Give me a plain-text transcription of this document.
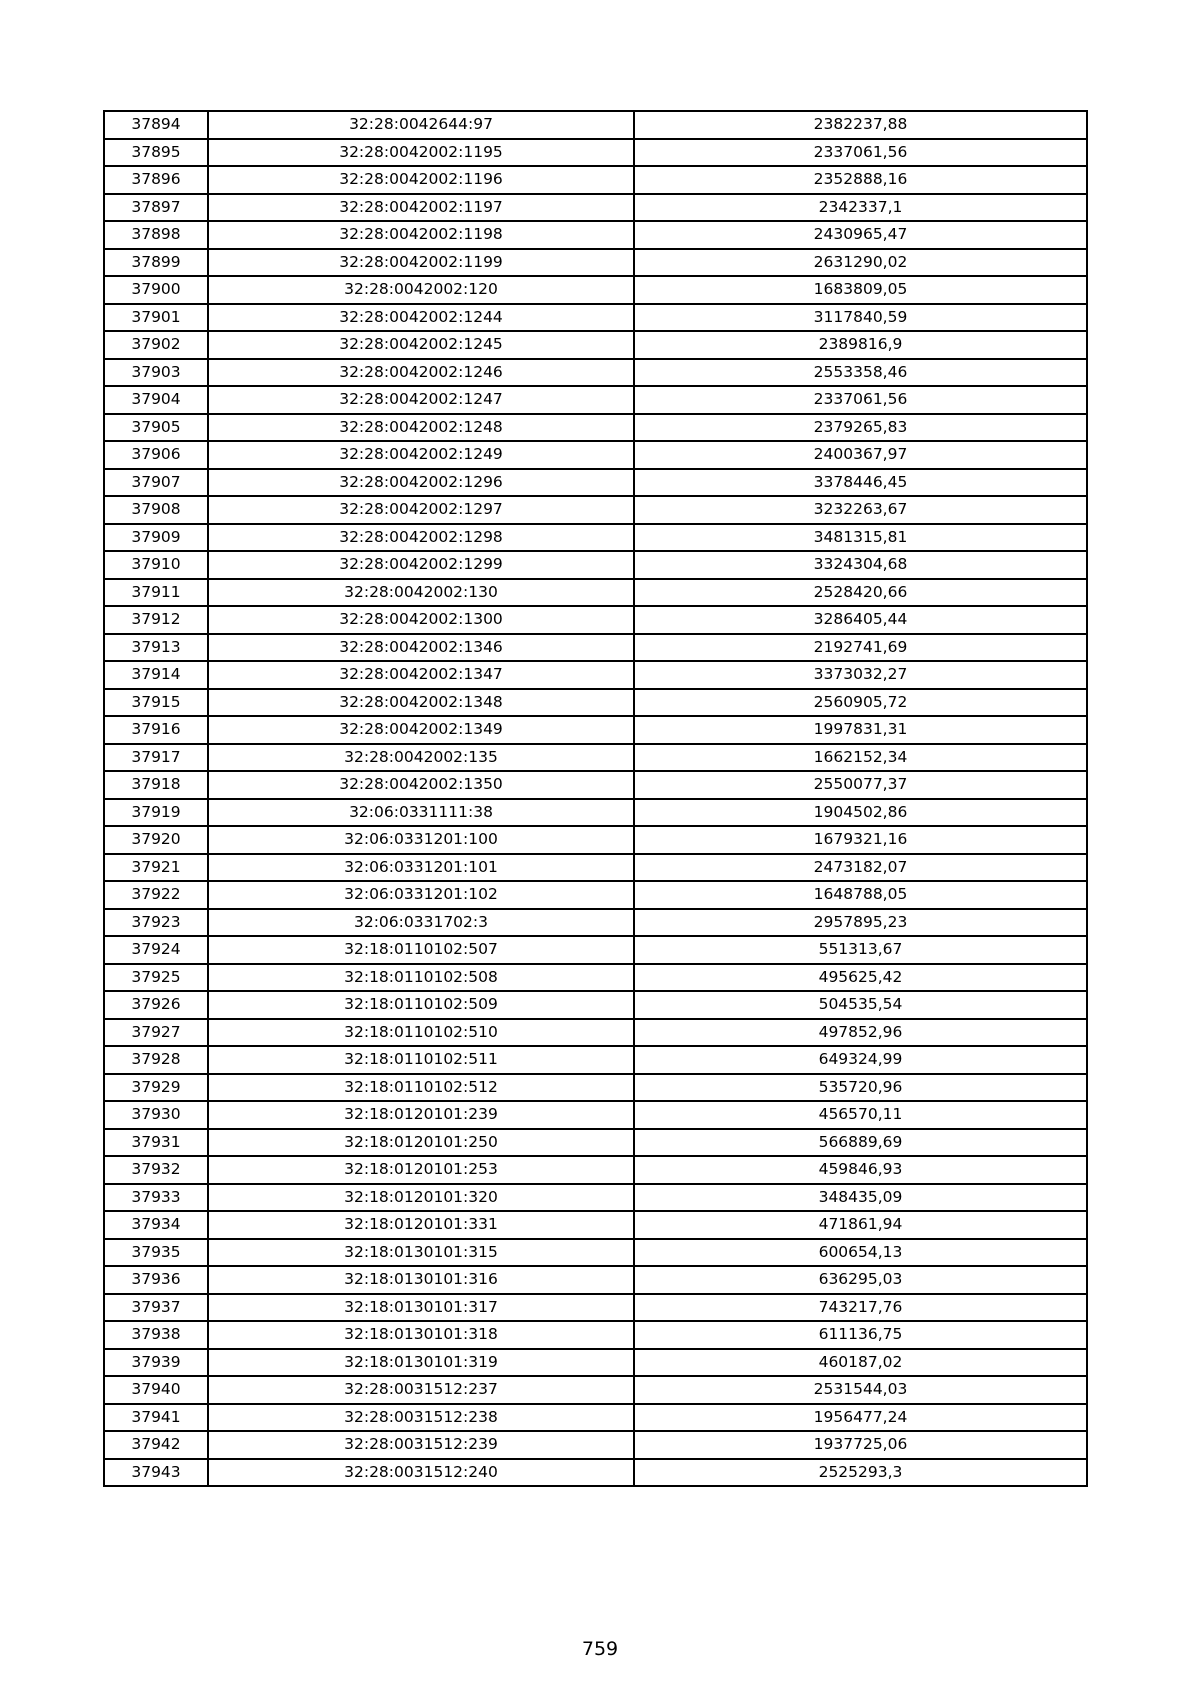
37894	32:28:0042644:97	2382237,88
37895	32:28:0042002:1195	2337061,56
37896	32:28:0042002:1196	2352888,16
37897	32:28:0042002:1197	2342337,1
37898	32:28:0042002:1198	2430965,47
37899	32:28:0042002:1199	2631290,02
37900	32:28:0042002:120	1683809,05
37901	32:28:0042002:1244	3117840,59
37902	32:28:0042002:1245	2389816,9
37903	32:28:0042002:1246	2553358,46
37904	32:28:0042002:1247	2337061,56
37905	32:28:0042002:1248	2379265,83
37906	32:28:0042002:1249	2400367,97
37907	32:28:0042002:1296	3378446,45
37908	32:28:0042002:1297	3232263,67
37909	32:28:0042002:1298	3481315,81
37910	32:28:0042002:1299	3324304,68
37911	32:28:0042002:130	2528420,66
37912	32:28:0042002:1300	3286405,44
37913	32:28:0042002:1346	2192741,69
37914	32:28:0042002:1347	3373032,27
37915	32:28:0042002:1348	2560905,72
37916	32:28:0042002:1349	1997831,31
37917	32:28:0042002:135	1662152,34
37918	32:28:0042002:1350	2550077,37
37919	32:06:0331111:38	1904502,86
37920	32:06:0331201:100	1679321,16
37921	32:06:0331201:101	2473182,07
37922	32:06:0331201:102	1648788,05
37923	32:06:0331702:3	2957895,23
37924	32:18:0110102:507	551313,67
37925	32:18:0110102:508	495625,42
37926	32:18:0110102:509	504535,54
37927	32:18:0110102:510	497852,96
37928	32:18:0110102:511	649324,99
37929	32:18:0110102:512	535720,96
37930	32:18:0120101:239	456570,11
37931	32:18:0120101:250	566889,69
37932	32:18:0120101:253	459846,93
37933	32:18:0120101:320	348435,09
37934	32:18:0120101:331	471861,94
37935	32:18:0130101:315	600654,13
37936	32:18:0130101:316	636295,03
37937	32:18:0130101:317	743217,76
37938	32:18:0130101:318	611136,75
37939	32:18:0130101:319	460187,02
37940	32:28:0031512:237	2531544,03
37941	32:28:0031512:238	1956477,24
37942	32:28:0031512:239	1937725,06
37943	32:28:0031512:240	2525293,3
759
